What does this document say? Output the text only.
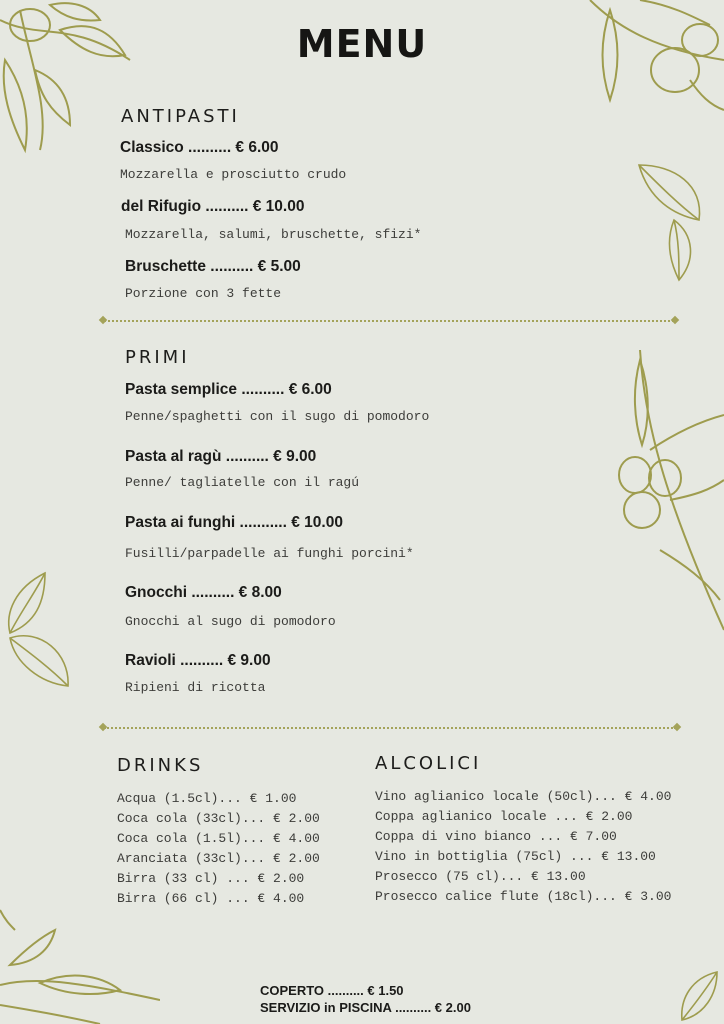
MENU
ANTIPASTI
Classico .......... € 6.00
Mozzarella e prosciutto crudo
del Rifugio .......... € 10.00
Mozzarella, salumi, bruschette, sfizi*
Bruschette .......... € 5.00
Porzione con 3 fette
PRIMI
Pasta semplice .......... € 6.00
Penne/spaghetti con il sugo di pomodoro
Pasta al ragù .......... € 9.00
Penne/ tagliatelle con il ragú
Pasta ai funghi ........... € 10.00
Fusilli/parpadelle ai funghi porcini*
Gnocchi .......... € 8.00
Gnocchi al sugo di pomodoro
Ravioli .......... € 9.00
Ripieni di ricotta
DRINKS
Acqua (1.5cl)... € 1.00
Coca cola (33cl)... € 2.00
Coca cola (1.5l)... € 4.00
Aranciata (33cl)... € 2.00
Birra (33 cl) ... € 2.00
Birra (66 cl) ... € 4.00
ALCOLICI
Vino aglianico locale (50cl)... € 4.00
Coppa aglianico locale ... € 2.00
Coppa di vino bianco ... € 7.00
Vino in bottiglia (75cl) ... € 13.00
Prosecco (75 cl)... € 13.00
Prosecco calice flute (18cl)... € 3.00
COPERTO .......... € 1.50
SERVIZIO in PISCINA .......... € 2.00
